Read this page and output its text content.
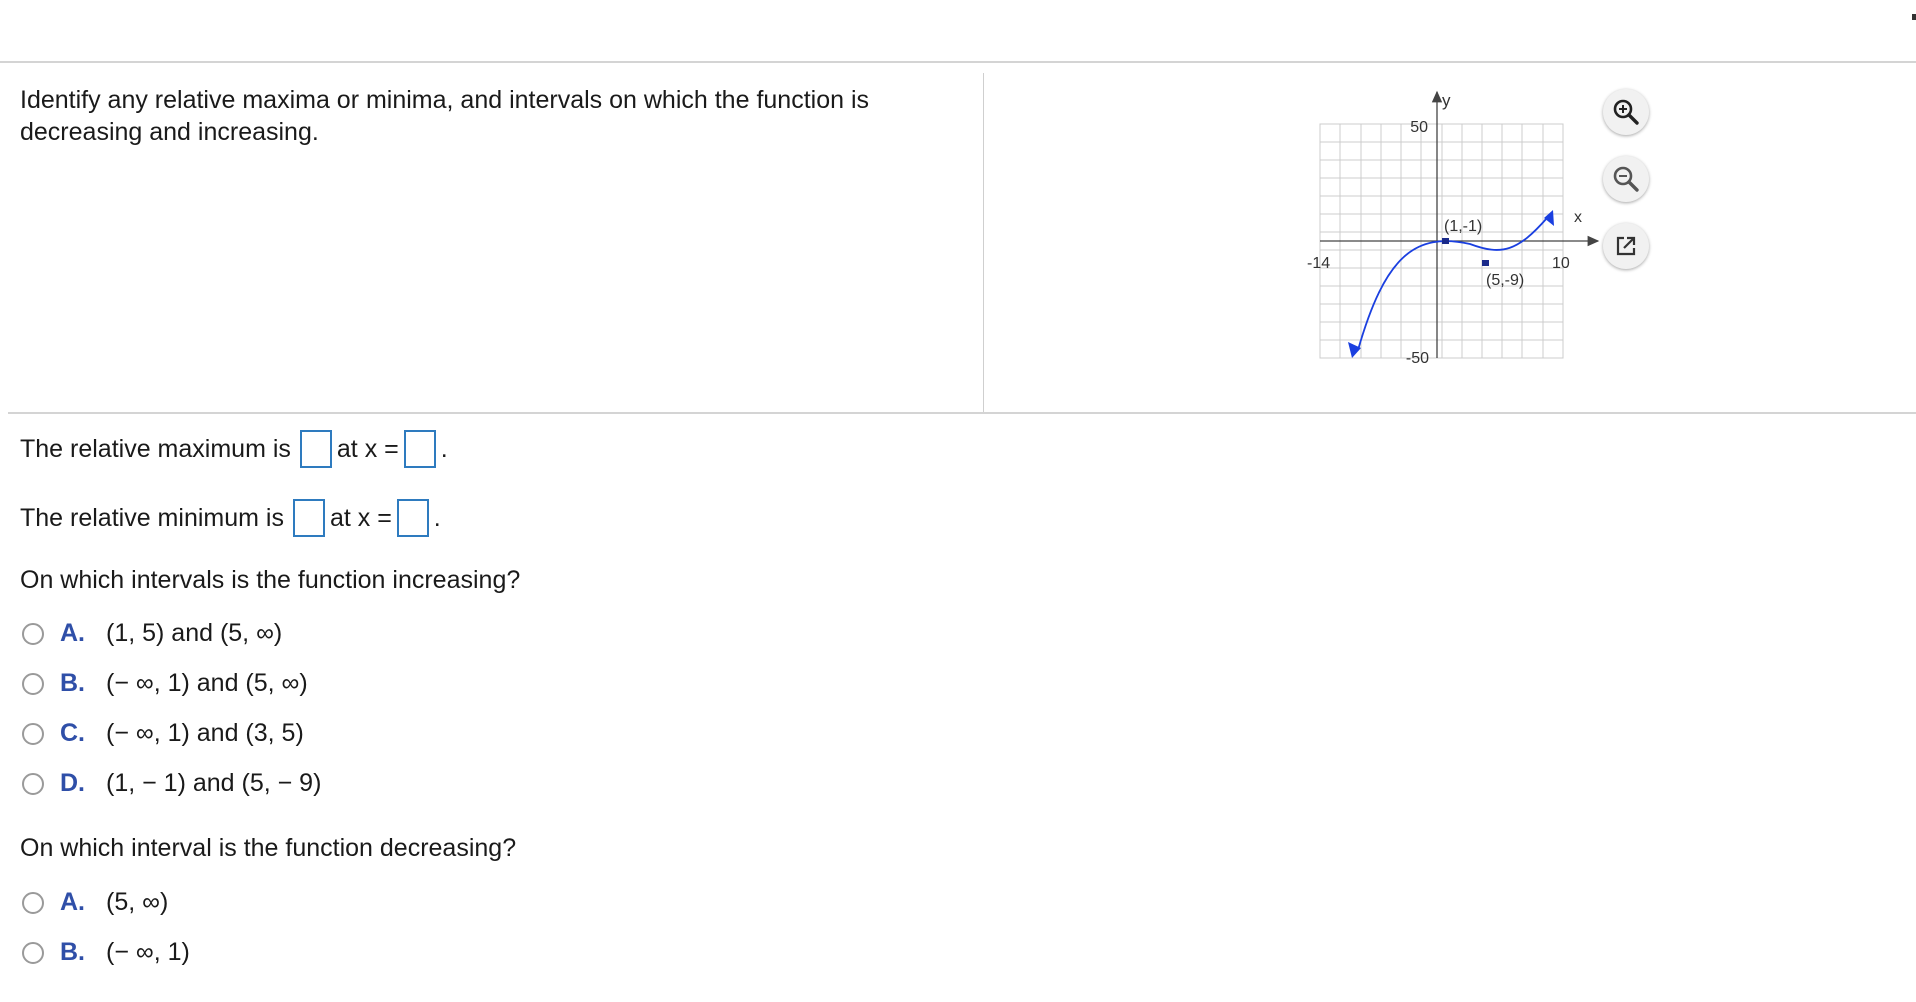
Identify any relative maxima or minima, and intervals on which the function is decreasing and increasing.
y
x
50
-50
-14	10
(1,-1)
(5,-9)
The relative maximum is at x = .
The relative minimum is at x = .
On which intervals is the function increasing?
A. (1, 5) and (5, ∞)
B. (− ∞, 1) and (5, ∞)
C. (− ∞, 1) and (3, 5)
D. (1, − 1) and (5, − 9)
On which interval is the function decreasing?
A. (5, ∞)
B. (− ∞, 1)
